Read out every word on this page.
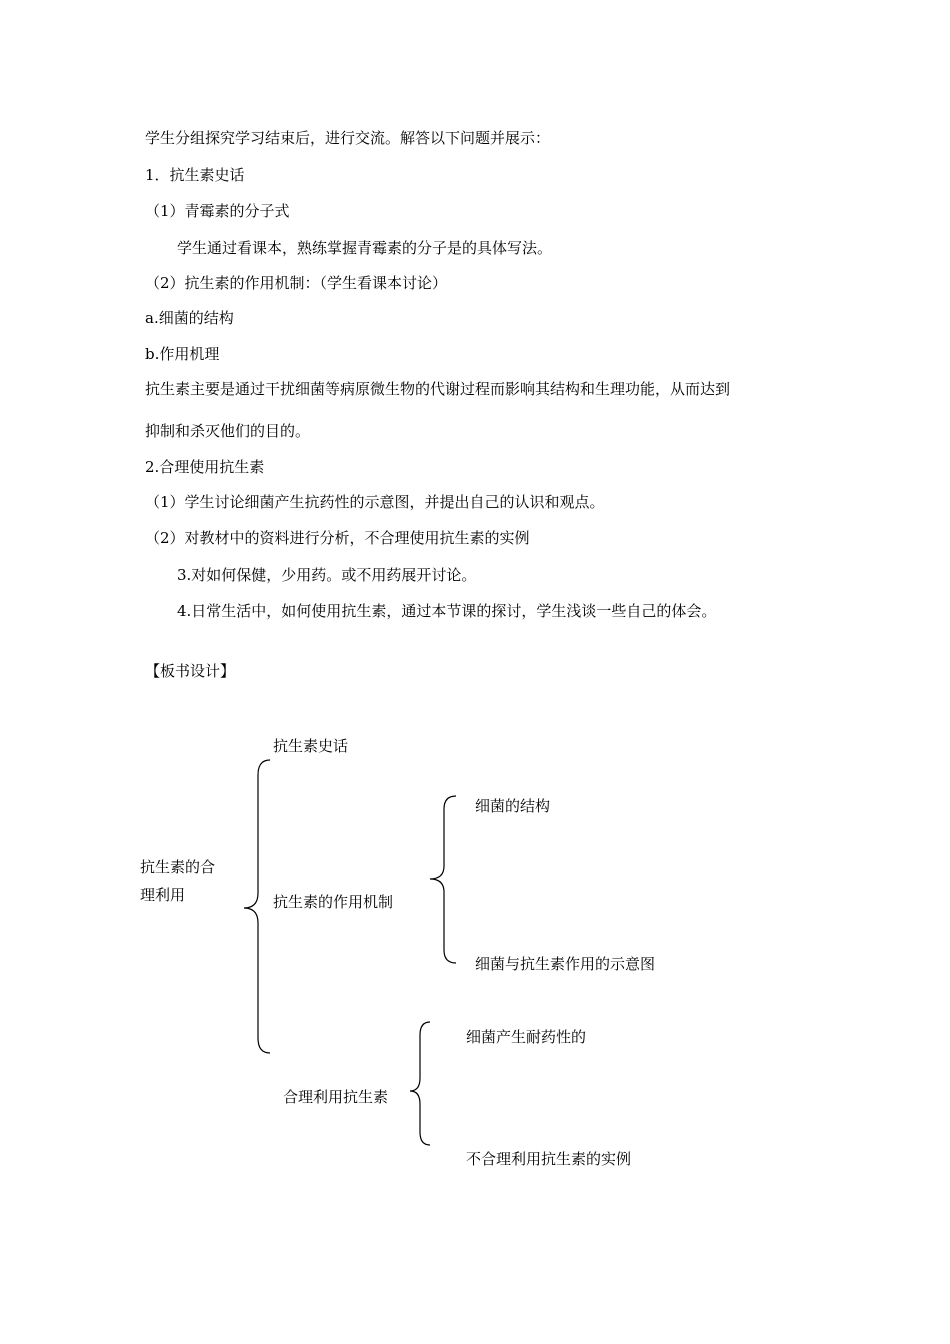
学生分组探究学习结束后，进行交流。解答以下问题并展示：
1．抗生素史话
（1）青霉素的分子式
学生通过看课本，熟练掌握青霉素的分子是的具体写法。
（2）抗生素的作用机制：（学生看课本讨论）
a.细菌的结构
b.作用机理
抗生素主要是通过干扰细菌等病原微生物的代谢过程而影响其结构和生理功能，从而达到
抑制和杀灭他们的目的。
2.合理使用抗生素
（1）学生讨论细菌产生抗药性的示意图，并提出自己的认识和观点。
（2）对教材中的资料进行分析，不合理使用抗生素的实例
3.对如何保健，少用药。或不用药展开讨论。
4.日常生活中，如何使用抗生素，通过本节课的探讨，学生浅谈一些自己的体会。
【板书设计】
抗生素的合
理利用
抗生素史话
抗生素的作用机制
细菌的结构
细菌与抗生素作用的示意图
合理利用抗生素
细菌产生耐药性的
不合理利用抗生素的实例
